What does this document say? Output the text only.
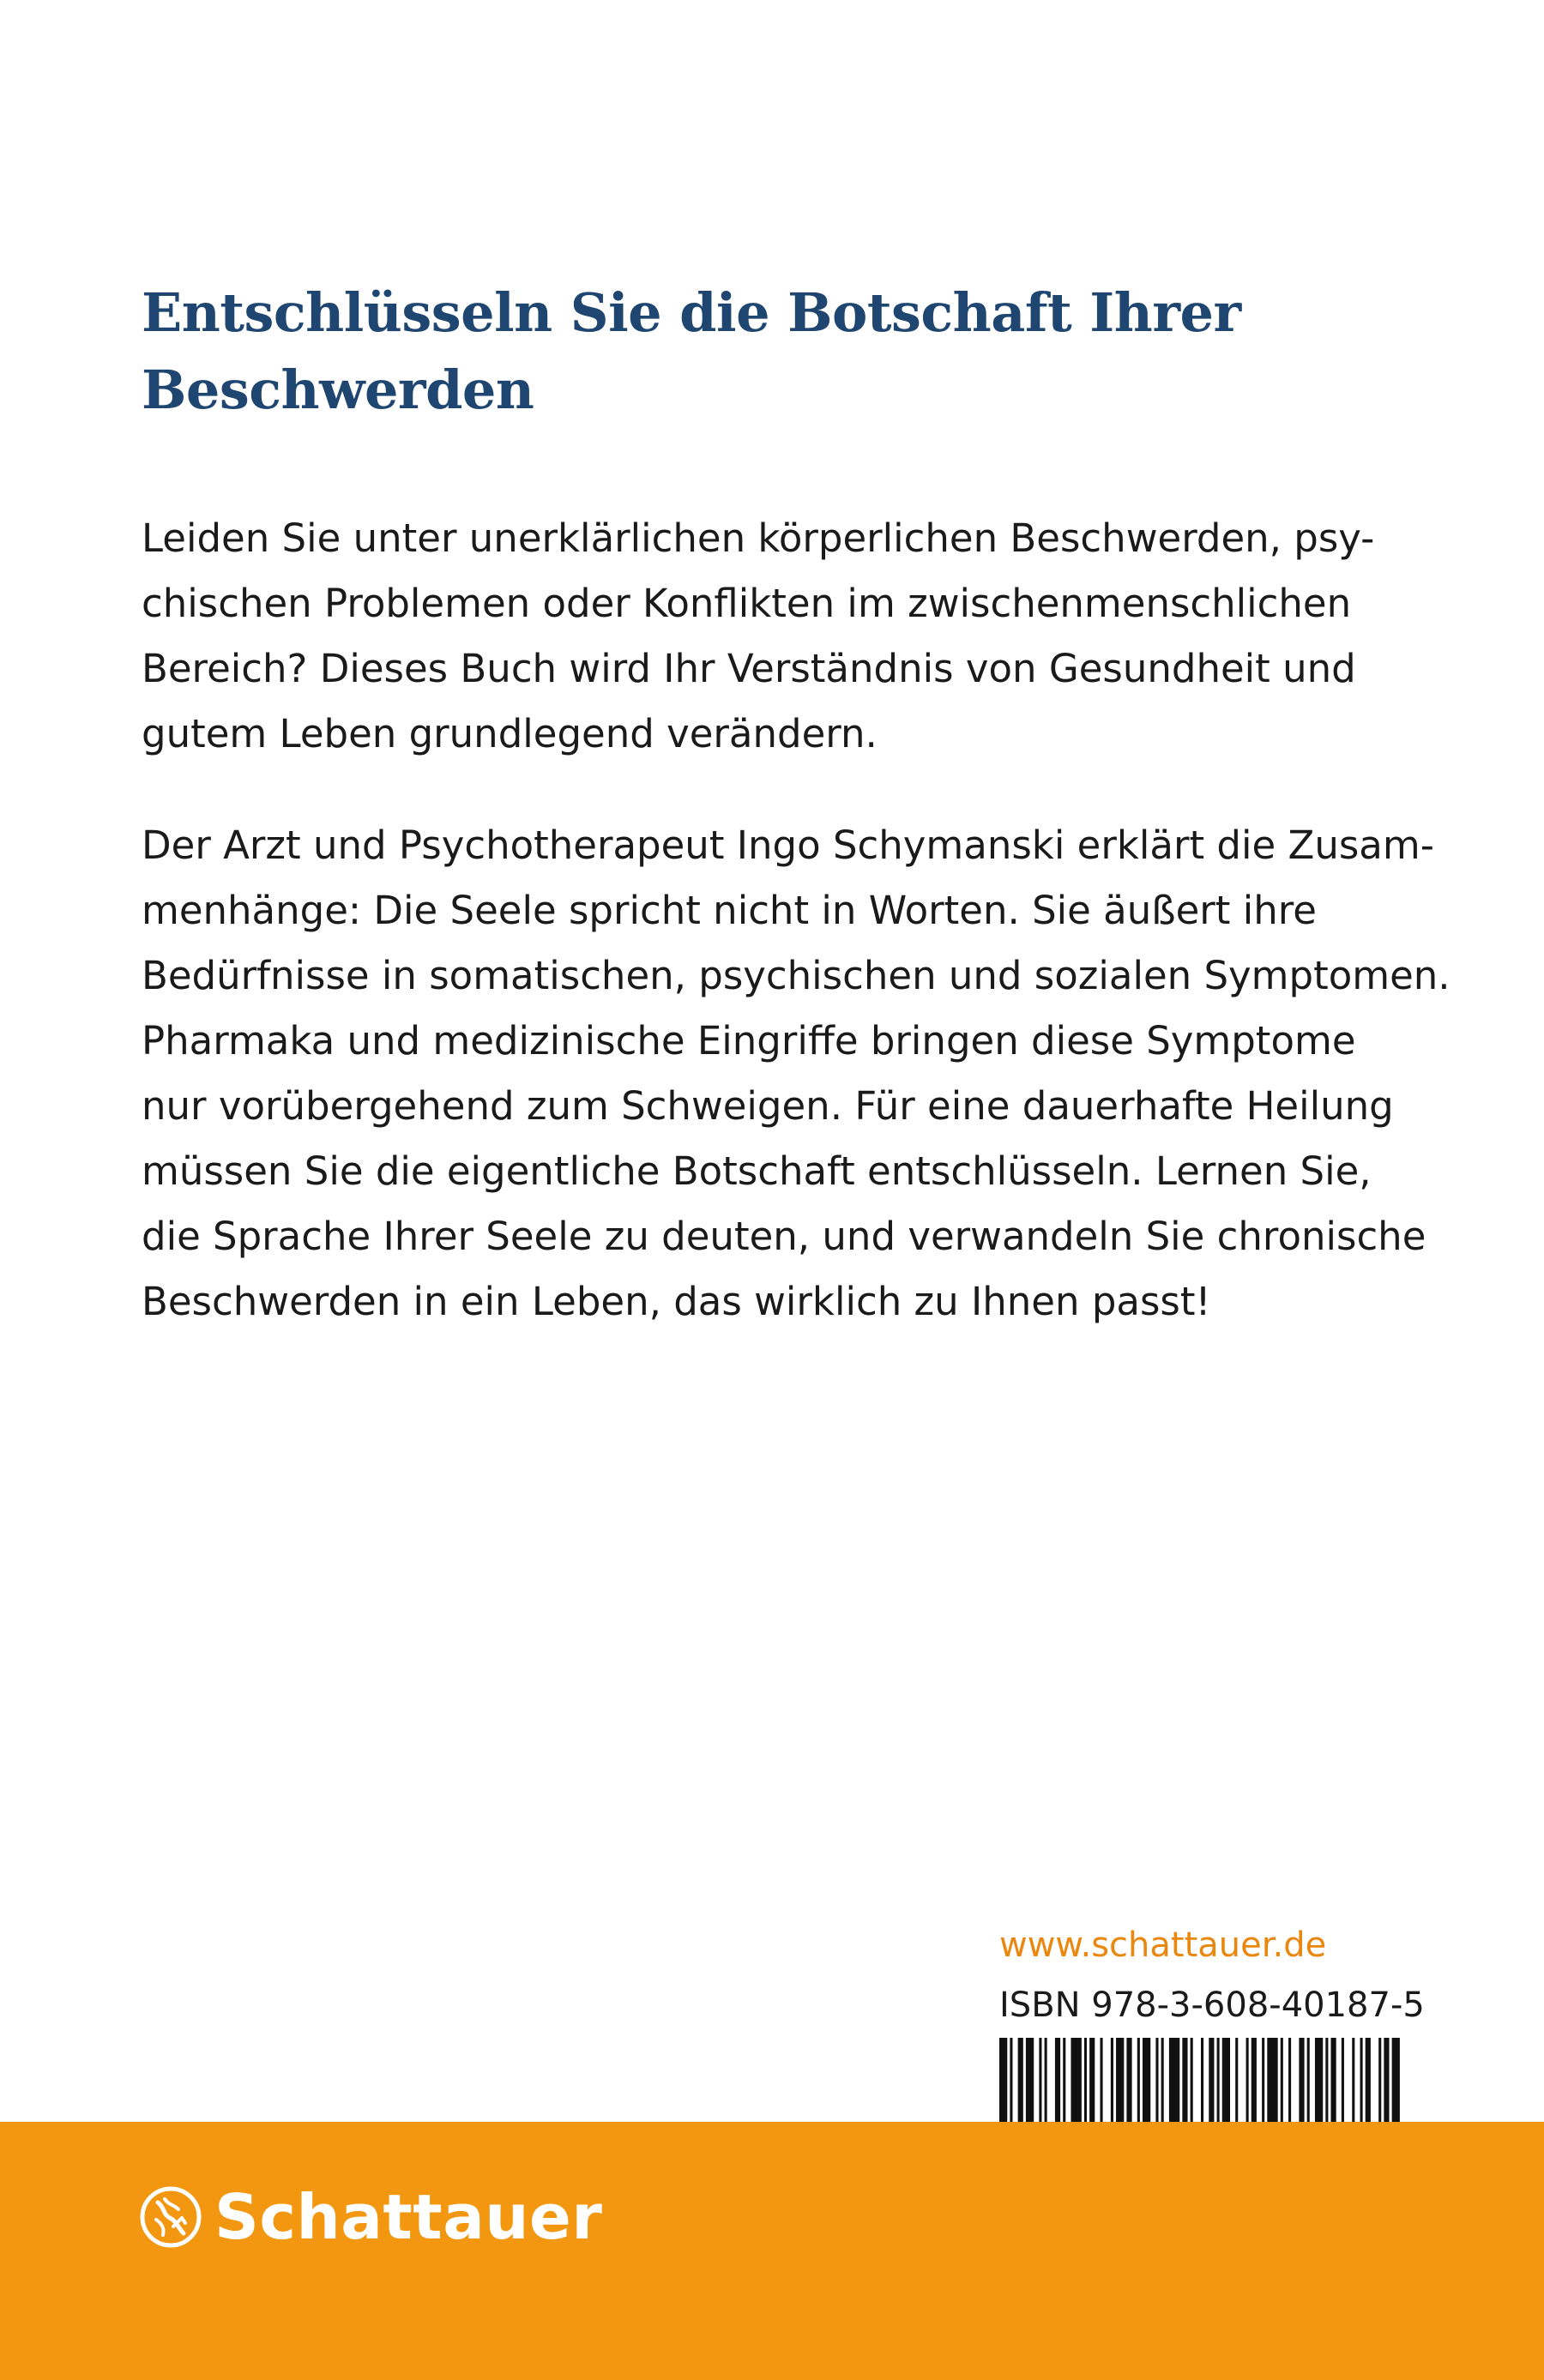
Entschlüsseln Sie die Botschaft Ihrer
Beschwerden

Leiden Sie unter unerklärlichen körperlichen Beschwerden, psy-
chischen Problemen oder Konflikten im zwischenmenschlichen
Bereich? Dieses Buch wird Ihr Verständnis von Gesundheit und
gutem Leben grundlegend verändern.

Der Arzt und Psychotherapeut Ingo Schymanski erklärt die Zusam-
menhänge: Die Seele spricht nicht in Worten. Sie äußert ihre
Bedürfnisse in somatischen, psychischen und sozialen Symptomen.
Pharmaka und medizinische Eingriffe bringen diese Symptome
nur vorübergehend zum Schweigen. Für eine dauerhafte Heilung
müssen Sie die eigentliche Botschaft entschlüsseln. Lernen Sie,
die Sprache Ihrer Seele zu deuten, und verwandeln Sie chronische
Beschwerden in ein Leben, das wirklich zu Ihnen passt!

www.schattauer.de
ISBN 978-3-608-40187-5
Schattauer
